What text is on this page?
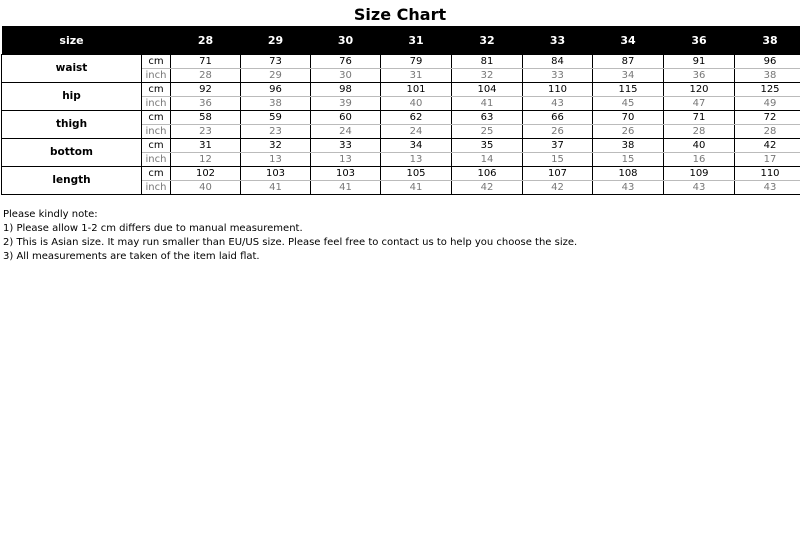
Size Chart
size		28	29	30	31	32	33	34	36	38
waist	cm	71	73	76	79	81	84	87	91	96
	inch	28	29	30	31	32	33	34	36	38
hip	cm	92	96	98	101	104	110	115	120	125
	inch	36	38	39	40	41	43	45	47	49
thigh	cm	58	59	60	62	63	66	70	71	72
	inch	23	23	24	24	25	26	26	28	28
bottom	cm	31	32	33	34	35	37	38	40	42
	inch	12	13	13	13	14	15	15	16	17
length	cm	102	103	103	105	106	107	108	109	110
	inch	40	41	41	41	42	42	43	43	43
Please kindly note:
1) Please allow 1-2 cm differs due to manual measurement.
2) This is Asian size. It may run smaller than EU/US size. Please feel free to contact us to help you choose the size.
3) All measurements are taken of the item laid flat.
